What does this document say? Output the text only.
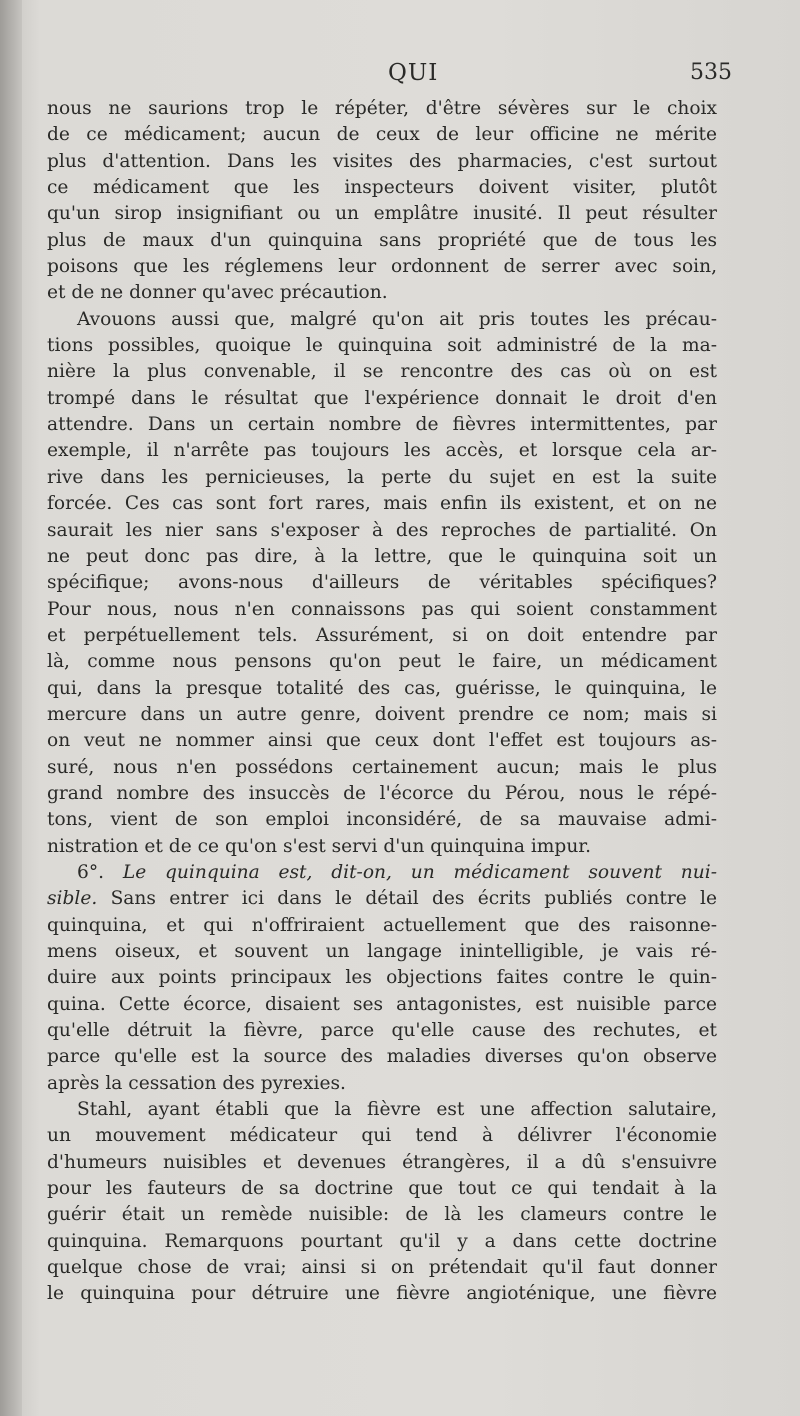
QUI	535

nous ne saurions trop le répéter, d'être sévères sur le choix
de ce médicament; aucun de ceux de leur officine ne mérite
plus d'attention. Dans les visites des pharmacies, c'est surtout
ce médicament que les inspecteurs doivent visiter, plutôt
qu'un sirop insignifiant ou un emplâtre inusité. Il peut résulter
plus de maux d'un quinquina sans propriété que de tous les
poisons que les réglemens leur ordonnent de serrer avec soin,
et de ne donner qu'avec précaution.

Avouons aussi que, malgré qu'on ait pris toutes les précau-
tions possibles, quoique le quinquina soit administré de la ma-
nière la plus convenable, il se rencontre des cas où on est
trompé dans le résultat que l'expérience donnait le droit d'en
attendre. Dans un certain nombre de fièvres intermittentes, par
exemple, il n'arrête pas toujours les accès, et lorsque cela ar-
rive dans les pernicieuses, la perte du sujet en est la suite
forcée. Ces cas sont fort rares, mais enfin ils existent, et on ne
saurait les nier sans s'exposer à des reproches de partialité. On
ne peut donc pas dire, à la lettre, que le quinquina soit un
spécifique; avons-nous d'ailleurs de véritables spécifiques?
Pour nous, nous n'en connaissons pas qui soient constamment
et perpétuellement tels. Assurément, si on doit entendre par
là, comme nous pensons qu'on peut le faire, un médicament
qui, dans la presque totalité des cas, guérisse, le quinquina, le
mercure dans un autre genre, doivent prendre ce nom; mais si
on veut ne nommer ainsi que ceux dont l'effet est toujours as-
suré, nous n'en possédons certainement aucun; mais le plus
grand nombre des insuccès de l'écorce du Pérou, nous le répé-
tons, vient de son emploi inconsidéré, de sa mauvaise admi-
nistration et de ce qu'on s'est servi d'un quinquina impur.

6°. Le quinquina est, dit-on, un médicament souvent nui-
sible. Sans entrer ici dans le détail des écrits publiés contre le
quinquina, et qui n'offriraient actuellement que des raisonne-
mens oiseux, et souvent un langage inintelligible, je vais ré-
duire aux points principaux les objections faites contre le quin-
quina. Cette écorce, disaient ses antagonistes, est nuisible parce
qu'elle détruit la fièvre, parce qu'elle cause des rechutes, et
parce qu'elle est la source des maladies diverses qu'on observe
après la cessation des pyrexies.

Stahl, ayant établi que la fièvre est une affection salutaire,
un mouvement médicateur qui tend à délivrer l'économie
d'humeurs nuisibles et devenues étrangères, il a dû s'ensuivre
pour les fauteurs de sa doctrine que tout ce qui tendait à la
guérir était un remède nuisible: de là les clameurs contre le
quinquina. Remarquons pourtant qu'il y a dans cette doctrine
quelque chose de vrai; ainsi si on prétendait qu'il faut donner
le quinquina pour détruire une fièvre angioténique, une fièvre
